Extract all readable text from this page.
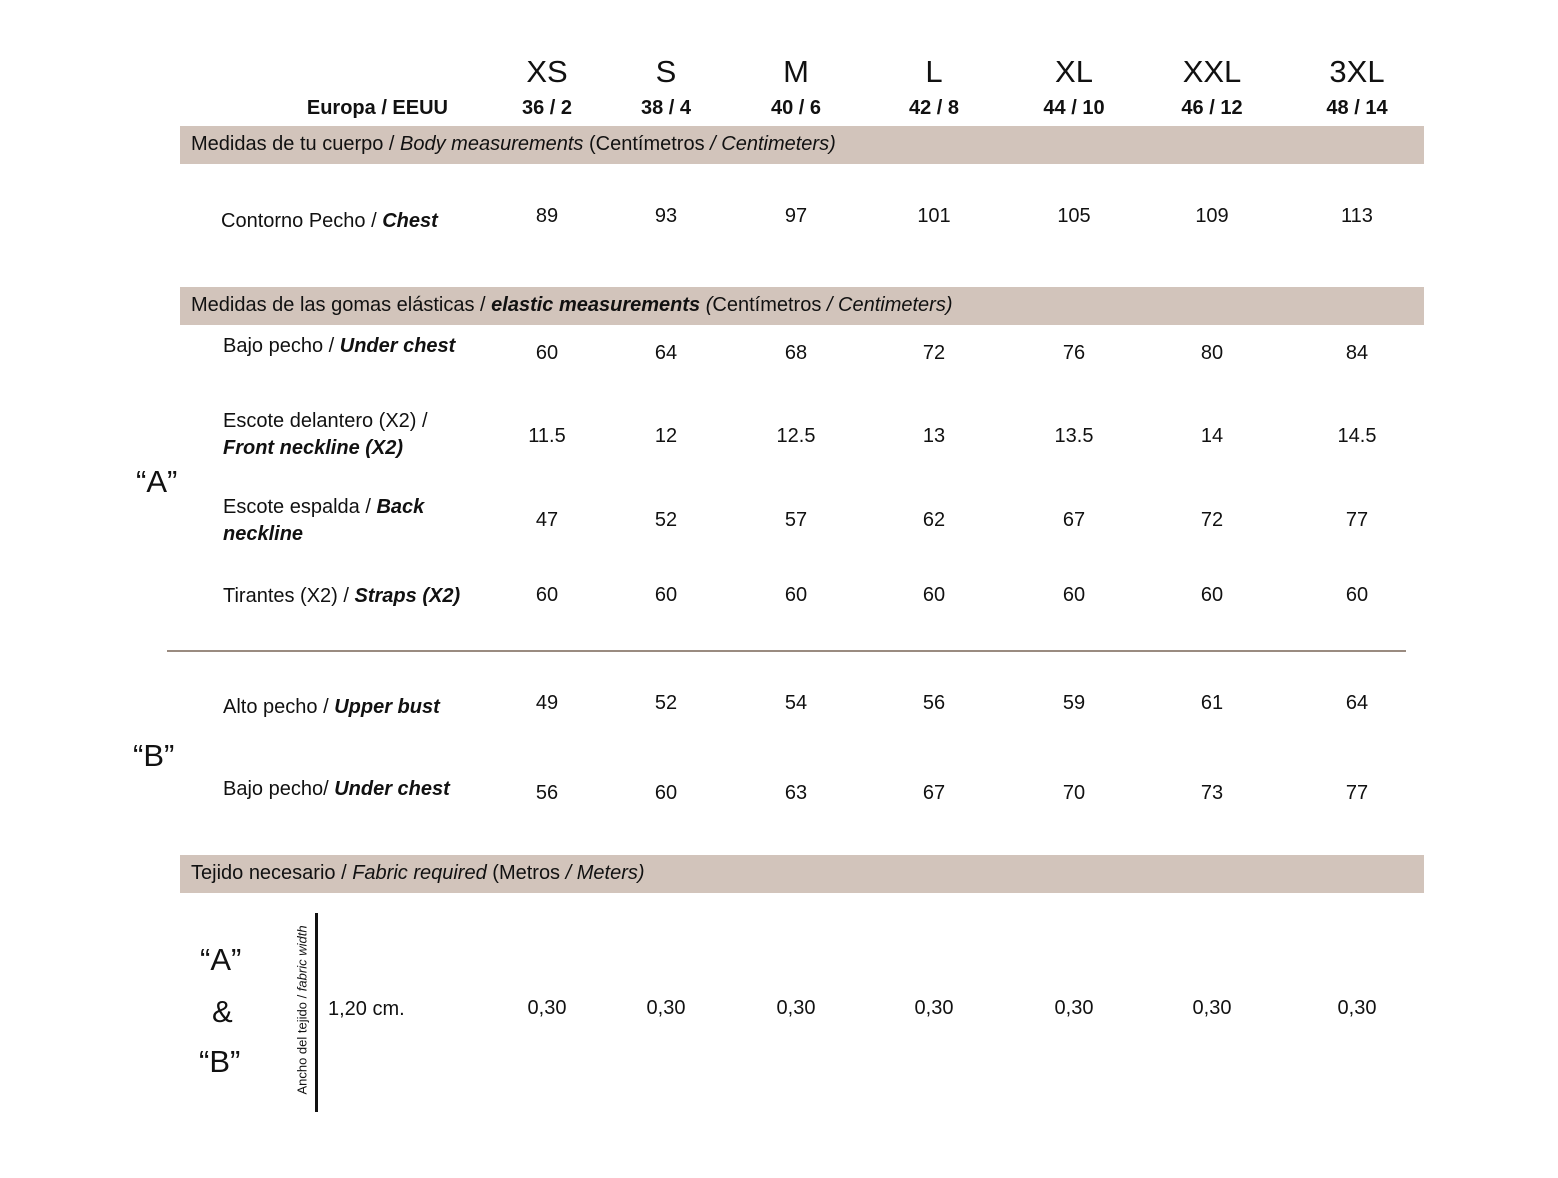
XS	S	M	L	XL	XXL	3XL
Europa / EEUU	36 / 2	38 / 4	40 / 6	42 / 8	44 / 10	46 / 12	48 / 14
Medidas de tu cuerpo / Body measurements (Centímetros / Centimeters)
Contorno Pecho / Chest	89	93	97	101	105	109	113
Medidas de las gomas elásticas / elastic measurements (Centímetros / Centimeters)
“A”
Bajo pecho / Under chest	60	64	68	72	76	80	84
Escote delantero (X2) / Front neckline (X2)
11.5	12	12.5	13	13.5	14	14.5
Escote espalda / Back neckline
47	52	57	62	67	72	77
Tirantes (X2) / Straps (X2)	60	60	60	60	60	60	60
“B”
Alto pecho / Upper bust	49	52	54	56	59	61	64
Bajo pecho/ Under chest	56	60	63	67	70	73	77
Tejido necesario / Fabric required (Metros / Meters)
“A”
&
“B”	Ancho del tejido / fabric width
1,20 cm.	0,30	0,30	0,30	0,30	0,30	0,30	0,30
